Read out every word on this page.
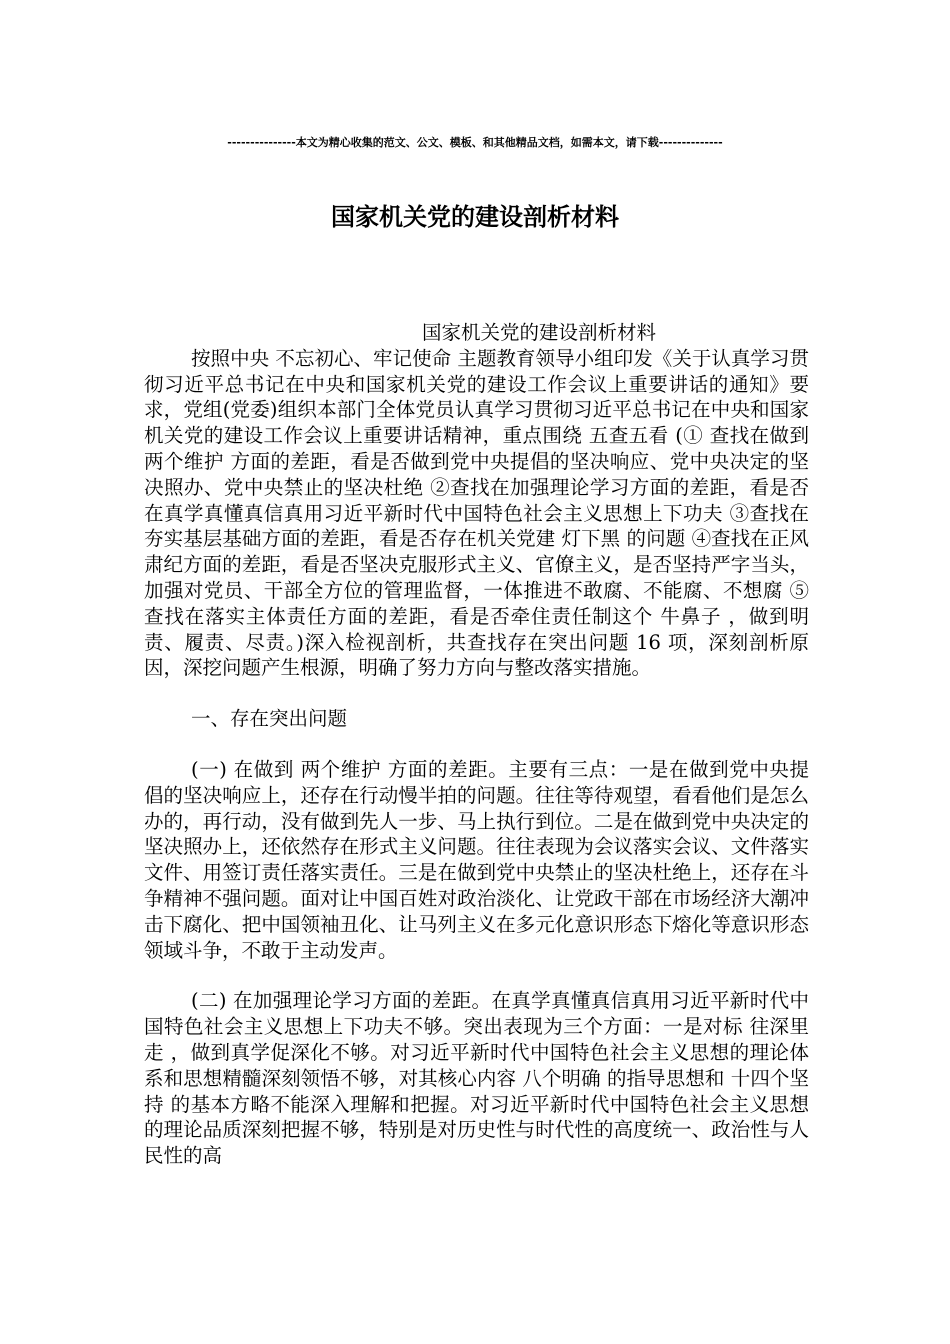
---------------本文为精心收集的范文、公文、模板、和其他精品文档，如需本文，请下载--------------
国家机关党的建设剖析材料
国家机关党的建设剖析材料

按照中央 不忘初心、牢记使命 主题教育领导小组印发《关于认真学习贯彻习近平总书记在中央和国家机关党的建设工作会议上重要讲话的通知》要求，党组(党委)组织本部门全体党员认真学习贯彻习近平总书记在中央和国家机关党的建设工作会议上重要讲话精神，重点围绕 五查五看 (① 查找在做到 两个维护 方面的差距，看是否做到党中央提倡的坚决响应、党中央决定的坚决照办、党中央禁止的坚决杜绝 ②查找在加强理论学习方面的差距，看是否在真学真懂真信真用习近平新时代中国特色社会主义思想上下功夫 ③查找在夯实基层基础方面的差距，看是否存在机关党建 灯下黑 的问题 ④查找在正风肃纪方面的差距，看是否坚决克服形式主义、官僚主义，是否坚持严字当头，加强对党员、干部全方位的管理监督，一体推进不敢腐、不能腐、不想腐 ⑤查找在落实主体责任方面的差距，看是否牵住责任制这个 牛鼻子 ，做到明责、履责、尽责。)深入检视剖析，共查找存在突出问题 16 项，深刻剖析原因，深挖问题产生根源，明确了努力方向与整改落实措施。

一、存在突出问题

(一) 在做到 两个维护 方面的差距。主要有三点：一是在做到党中央提倡的坚决响应上，还存在行动慢半拍的问题。往往等待观望，看看他们是怎么办的，再行动，没有做到先人一步、马上执行到位。二是在做到党中央决定的坚决照办上，还依然存在形式主义问题。往往表现为会议落实会议、文件落实文件、用签订责任落实责任。三是在做到党中央禁止的坚决杜绝上，还存在斗争精神不强问题。面对让中国百姓对政治淡化、让党政干部在市场经济大潮冲击下腐化、把中国领袖丑化、让马列主义在多元化意识形态下熔化等意识形态领域斗争，不敢于主动发声。

(二) 在加强理论学习方面的差距。在真学真懂真信真用习近平新时代中国特色社会主义思想上下功夫不够。突出表现为三个方面：一是对标 往深里走 ，做到真学促深化不够。对习近平新时代中国特色社会主义思想的理论体系和思想精髓深刻领悟不够，对其核心内容 八个明确 的指导思想和 十四个坚持 的基本方略不能深入理解和把握。对习近平新时代中国特色社会主义思想的理论品质深刻把握不够，特别是对历史性与时代性的高度统一、政治性与人民性的高
